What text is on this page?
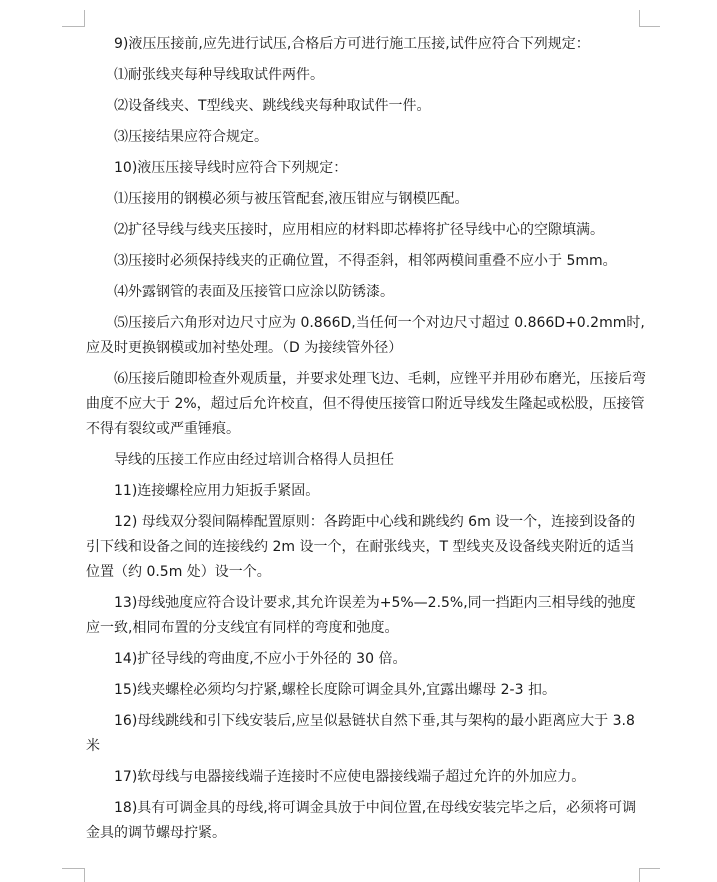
9)液压压接前,应先进行试压,合格后方可进行施工压接,试件应符合下列规定：

⑴耐张线夹每种导线取试件两件。

⑵设备线夹、T型线夹、跳线线夹每种取试件一件。

⑶压接结果应符合规定。

10)液压压接导线时应符合下列规定：

⑴压接用的钢模必须与被压管配套,液压钳应与钢模匹配。

⑵扩径导线与线夹压接时，应用相应的材料即芯棒将扩径导线中心的空隙填满。

⑶压接时必须保持线夹的正确位置，不得歪斜，相邻两模间重叠不应小于 5mm。

⑷外露钢管的表面及压接管口应涂以防锈漆。

⑸压接后六角形对边尺寸应为 0.866D,当任何一个对边尺寸超过 0.866D+0.2mm时,应及时更换钢模或加衬垫处理。（D 为接续管外径）

⑹压接后随即检查外观质量，并要求处理飞边、毛刺，应锉平并用砂布磨光，压接后弯曲度不应大于 2%，超过后允许校直，但不得使压接管口附近导线发生隆起或松股，压接管不得有裂纹或严重锤痕。

导线的压接工作应由经过培训合格得人员担任

11)连接螺栓应用力矩扳手紧固。

12) 母线双分裂间隔棒配置原则：各跨距中心线和跳线约 6m 设一个，连接到设备的引下线和设备之间的连接线约 2m 设一个，在耐张线夹，T 型线夹及设备线夹附近的适当位置（约 0.5m 处）设一个。

13)母线弛度应符合设计要求,其允许误差为+5%—2.5%,同一挡距内三相导线的弛度应一致,相同布置的分支线宜有同样的弯度和弛度。

14)扩径导线的弯曲度,不应小于外径的 30 倍。

15)线夹螺栓必须均匀拧紧,螺栓长度除可调金具外,宜露出螺母 2-3 扣。

16)母线跳线和引下线安装后,应呈似悬链状自然下垂,其与架构的最小距离应大于 3.8 米

17)软母线与电器接线端子连接时不应使电器接线端子超过允许的外加应力。

18)具有可调金具的母线,将可调金具放于中间位置,在母线安装完毕之后，必须将可调金具的调节螺母拧紧。
